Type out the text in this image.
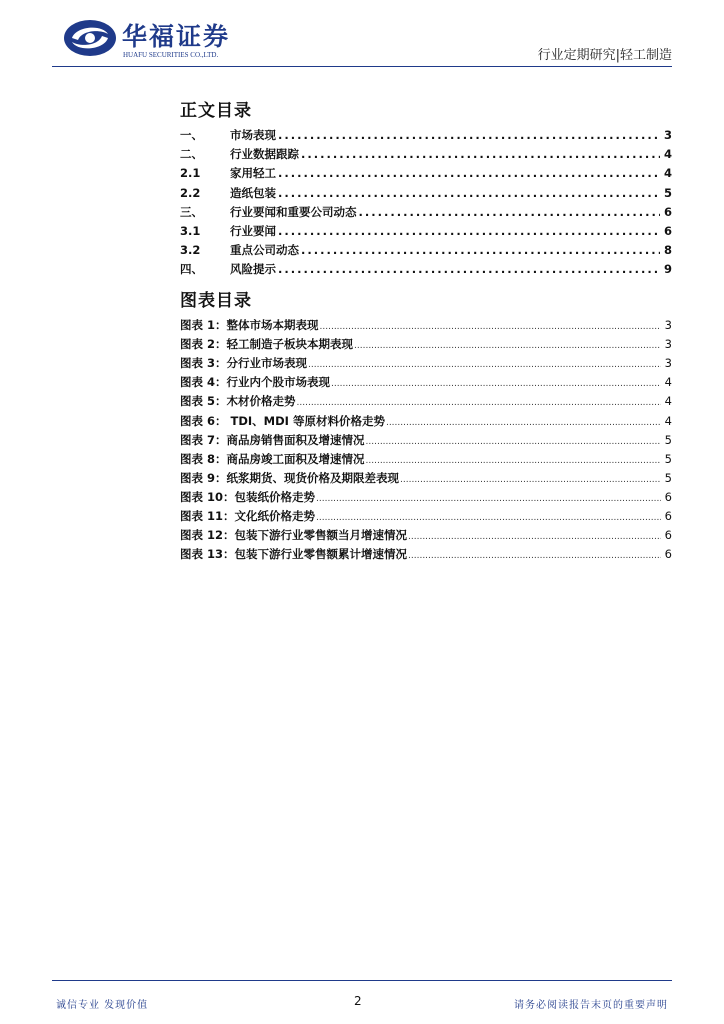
华福证券
HUAFU SECURITIES CO.,LTD.	行业定期研究|轻工制造
正文目录
一、	市场表现 .....	3
二、	行业数据跟踪 .....	4
2.1	家用轻工 .....	4
2.2	造纸包装 .....	5
三、	行业要闻和重要公司动态 .....	6
3.1	行业要闻 .....	6
3.2	重点公司动态 .....	8
四、	风险提示 .....	9
图表目录
图表 1：整体市场本期表现 .....	3
图表 2：轻工制造子板块本期表现 .....	3
图表 3：分行业市场表现 .....	3
图表 4：行业内个股市场表现 .....	4
图表 5：木材价格走势 .....	4
图表 6： TDI、MDI 等原材料价格走势 .....	4
图表 7：商品房销售面积及增速情况 .....	5
图表 8：商品房竣工面积及增速情况 .....	5
图表 9：纸浆期货、现货价格及期限差表现 .....	5
图表 10：包装纸价格走势 .....	6
图表 11：文化纸价格走势 .....	6
图表 12：包装下游行业零售额当月增速情况 .....	6
图表 13：包装下游行业零售额累计增速情况 .....	6
诚信专业 发现价值	2	请务必阅读报告末页的重要声明
